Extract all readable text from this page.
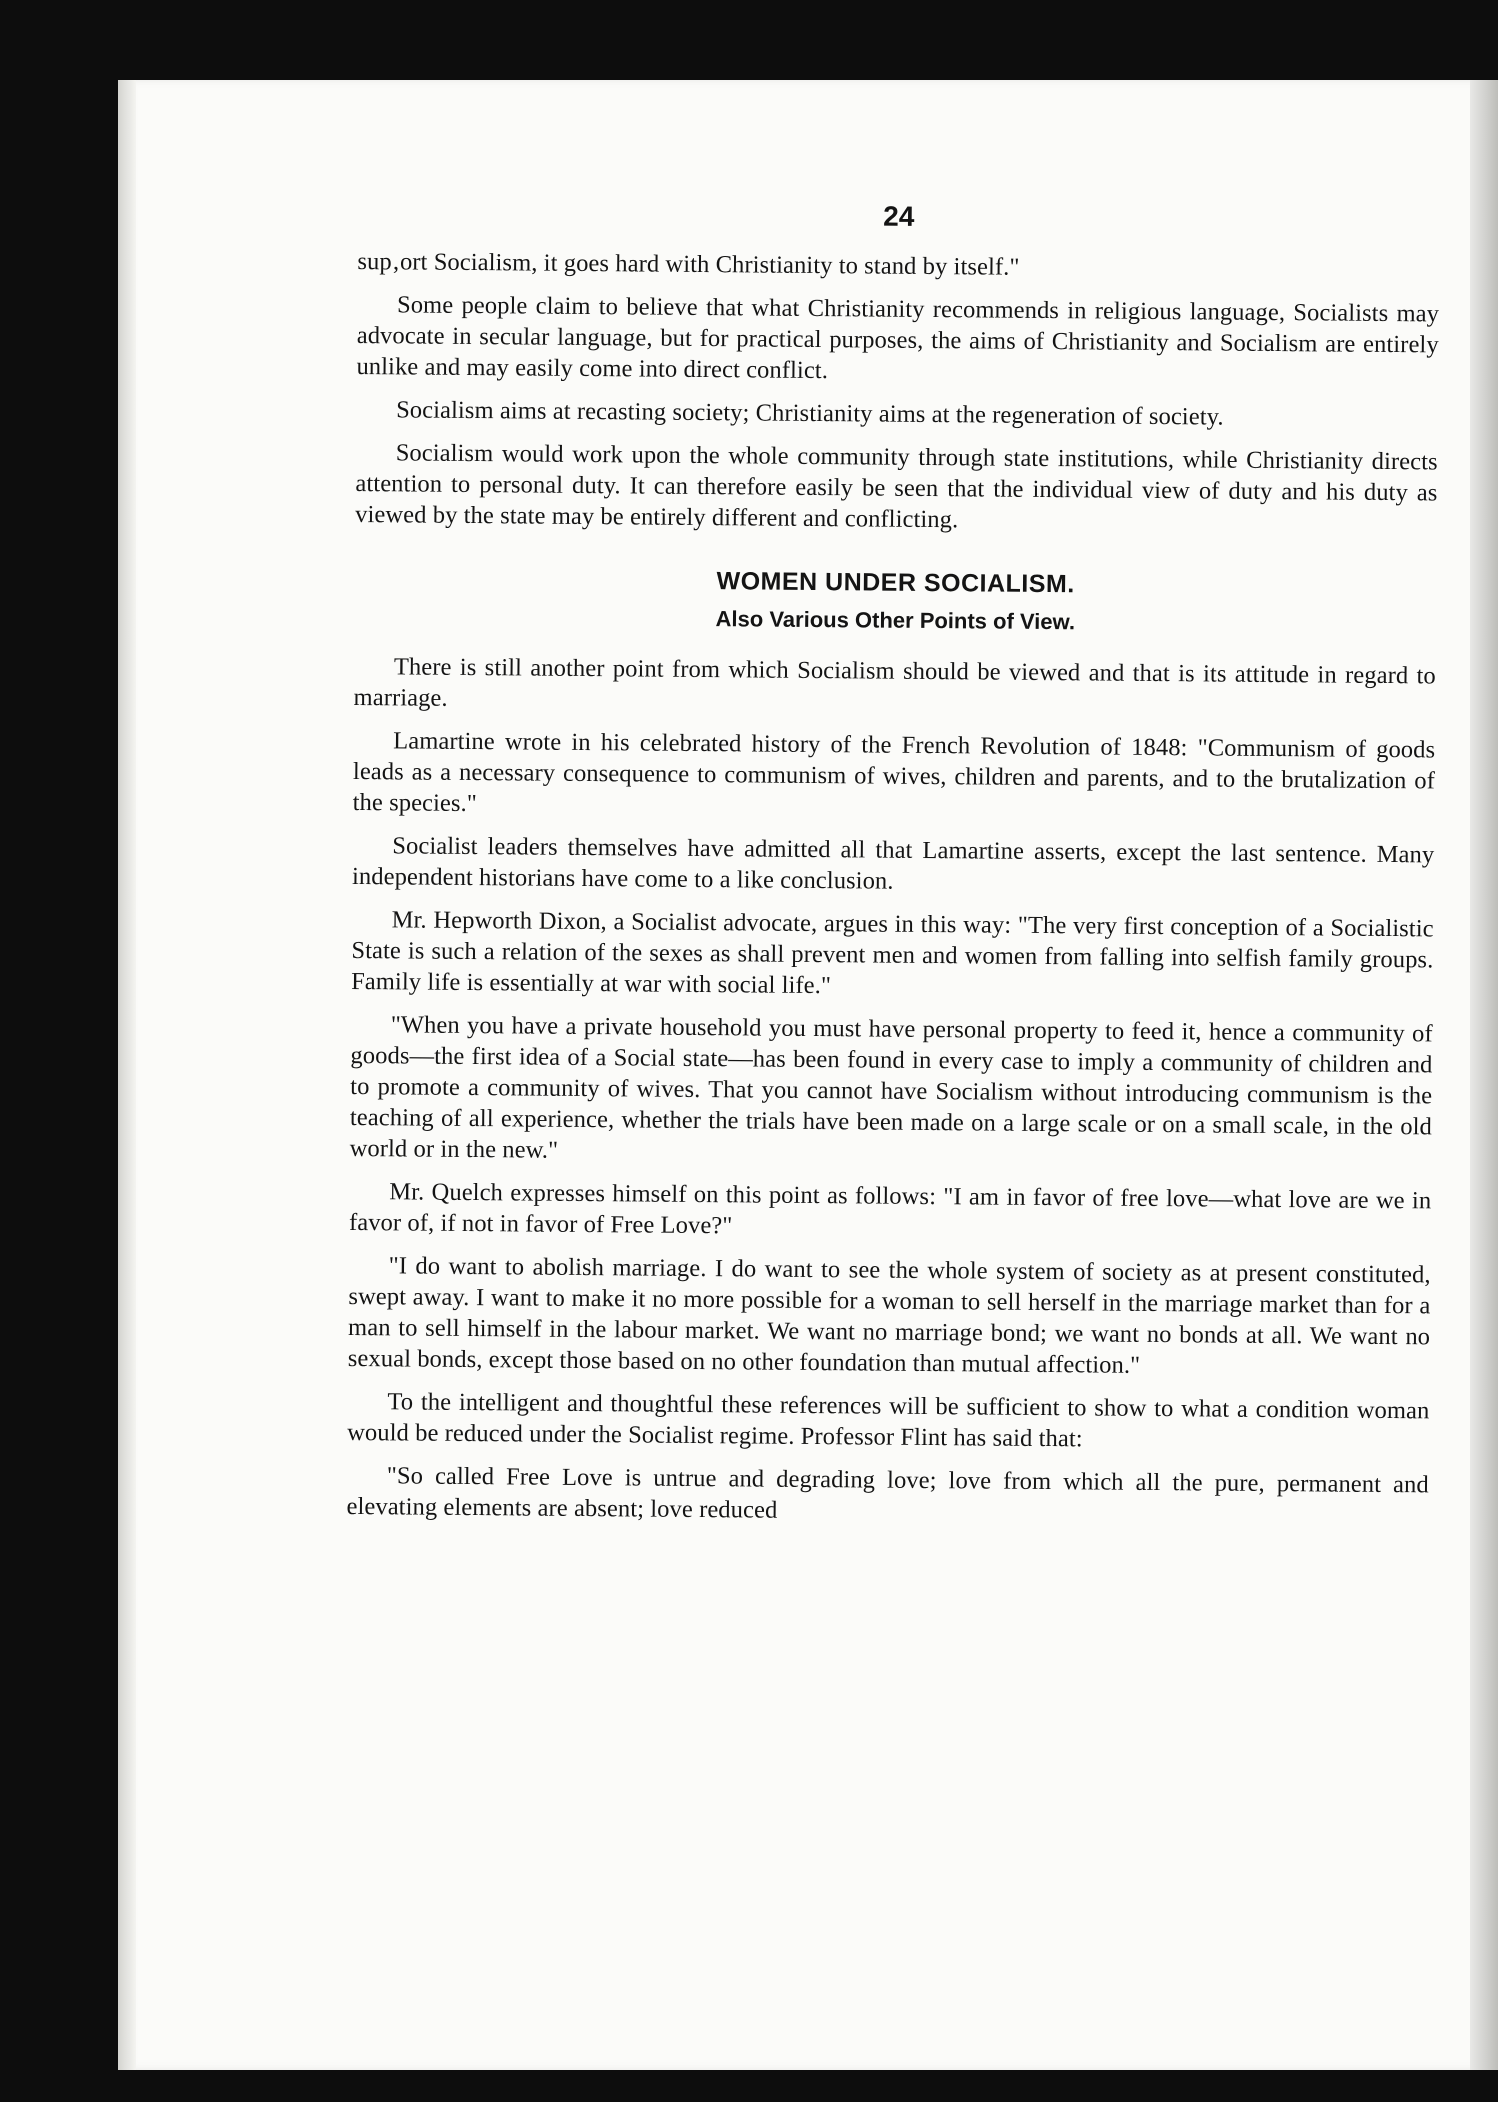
24

sup‚ort Socialism, it goes hard with Christianity to stand by itself."

Some people claim to believe that what Christianity recommends in religious language, Socialists may advocate in secular language, but for practical purposes, the aims of Christianity and Socialism are entirely unlike and may easily come into direct conflict.

Socialism aims at recasting society; Christianity aims at the regeneration of society.

Socialism would work upon the whole community through state institutions, while Christianity directs attention to personal duty. It can therefore easily be seen that the individual view of duty and his duty as viewed by the state may be entirely different and conflicting.

WOMEN UNDER SOCIALISM.
Also Various Other Points of View.

There is still another point from which Socialism should be viewed and that is its attitude in regard to marriage.

Lamartine wrote in his celebrated history of the French Revolution of 1848: "Communism of goods leads as a necessary consequence to communism of wives, children and parents, and to the brutalization of the species."

Socialist leaders themselves have admitted all that Lamartine asserts, except the last sentence. Many independent historians have come to a like conclusion.

Mr. Hepworth Dixon, a Socialist advocate, argues in this way: "The very first conception of a Socialistic State is such a relation of the sexes as shall prevent men and women from falling into selfish family groups. Family life is essentially at war with social life."

"When you have a private household you must have personal property to feed it, hence a community of goods—the first idea of a Social state—has been found in every case to imply a community of children and to promote a community of wives. That you cannot have Socialism without introducing communism is the teaching of all experience, whether the trials have been made on a large scale or on a small scale, in the old world or in the new."

Mr. Quelch expresses himself on this point as follows: "I am in favor of free love—what love are we in favor of, if not in favor of Free Love?"

"I do want to abolish marriage. I do want to see the whole system of society as at present constituted, swept away. I want to make it no more possible for a woman to sell herself in the marriage market than for a man to sell himself in the labour market. We want no marriage bond; we want no bonds at all. We want no sexual bonds, except those based on no other foundation than mutual affection."

To the intelligent and thoughtful these references will be sufficient to show to what a condition woman would be reduced under the Socialist regime. Professor Flint has said that:

"So called Free Love is untrue and degrading love; love from which all the pure, permanent and elevating elements are absent; love reduced
